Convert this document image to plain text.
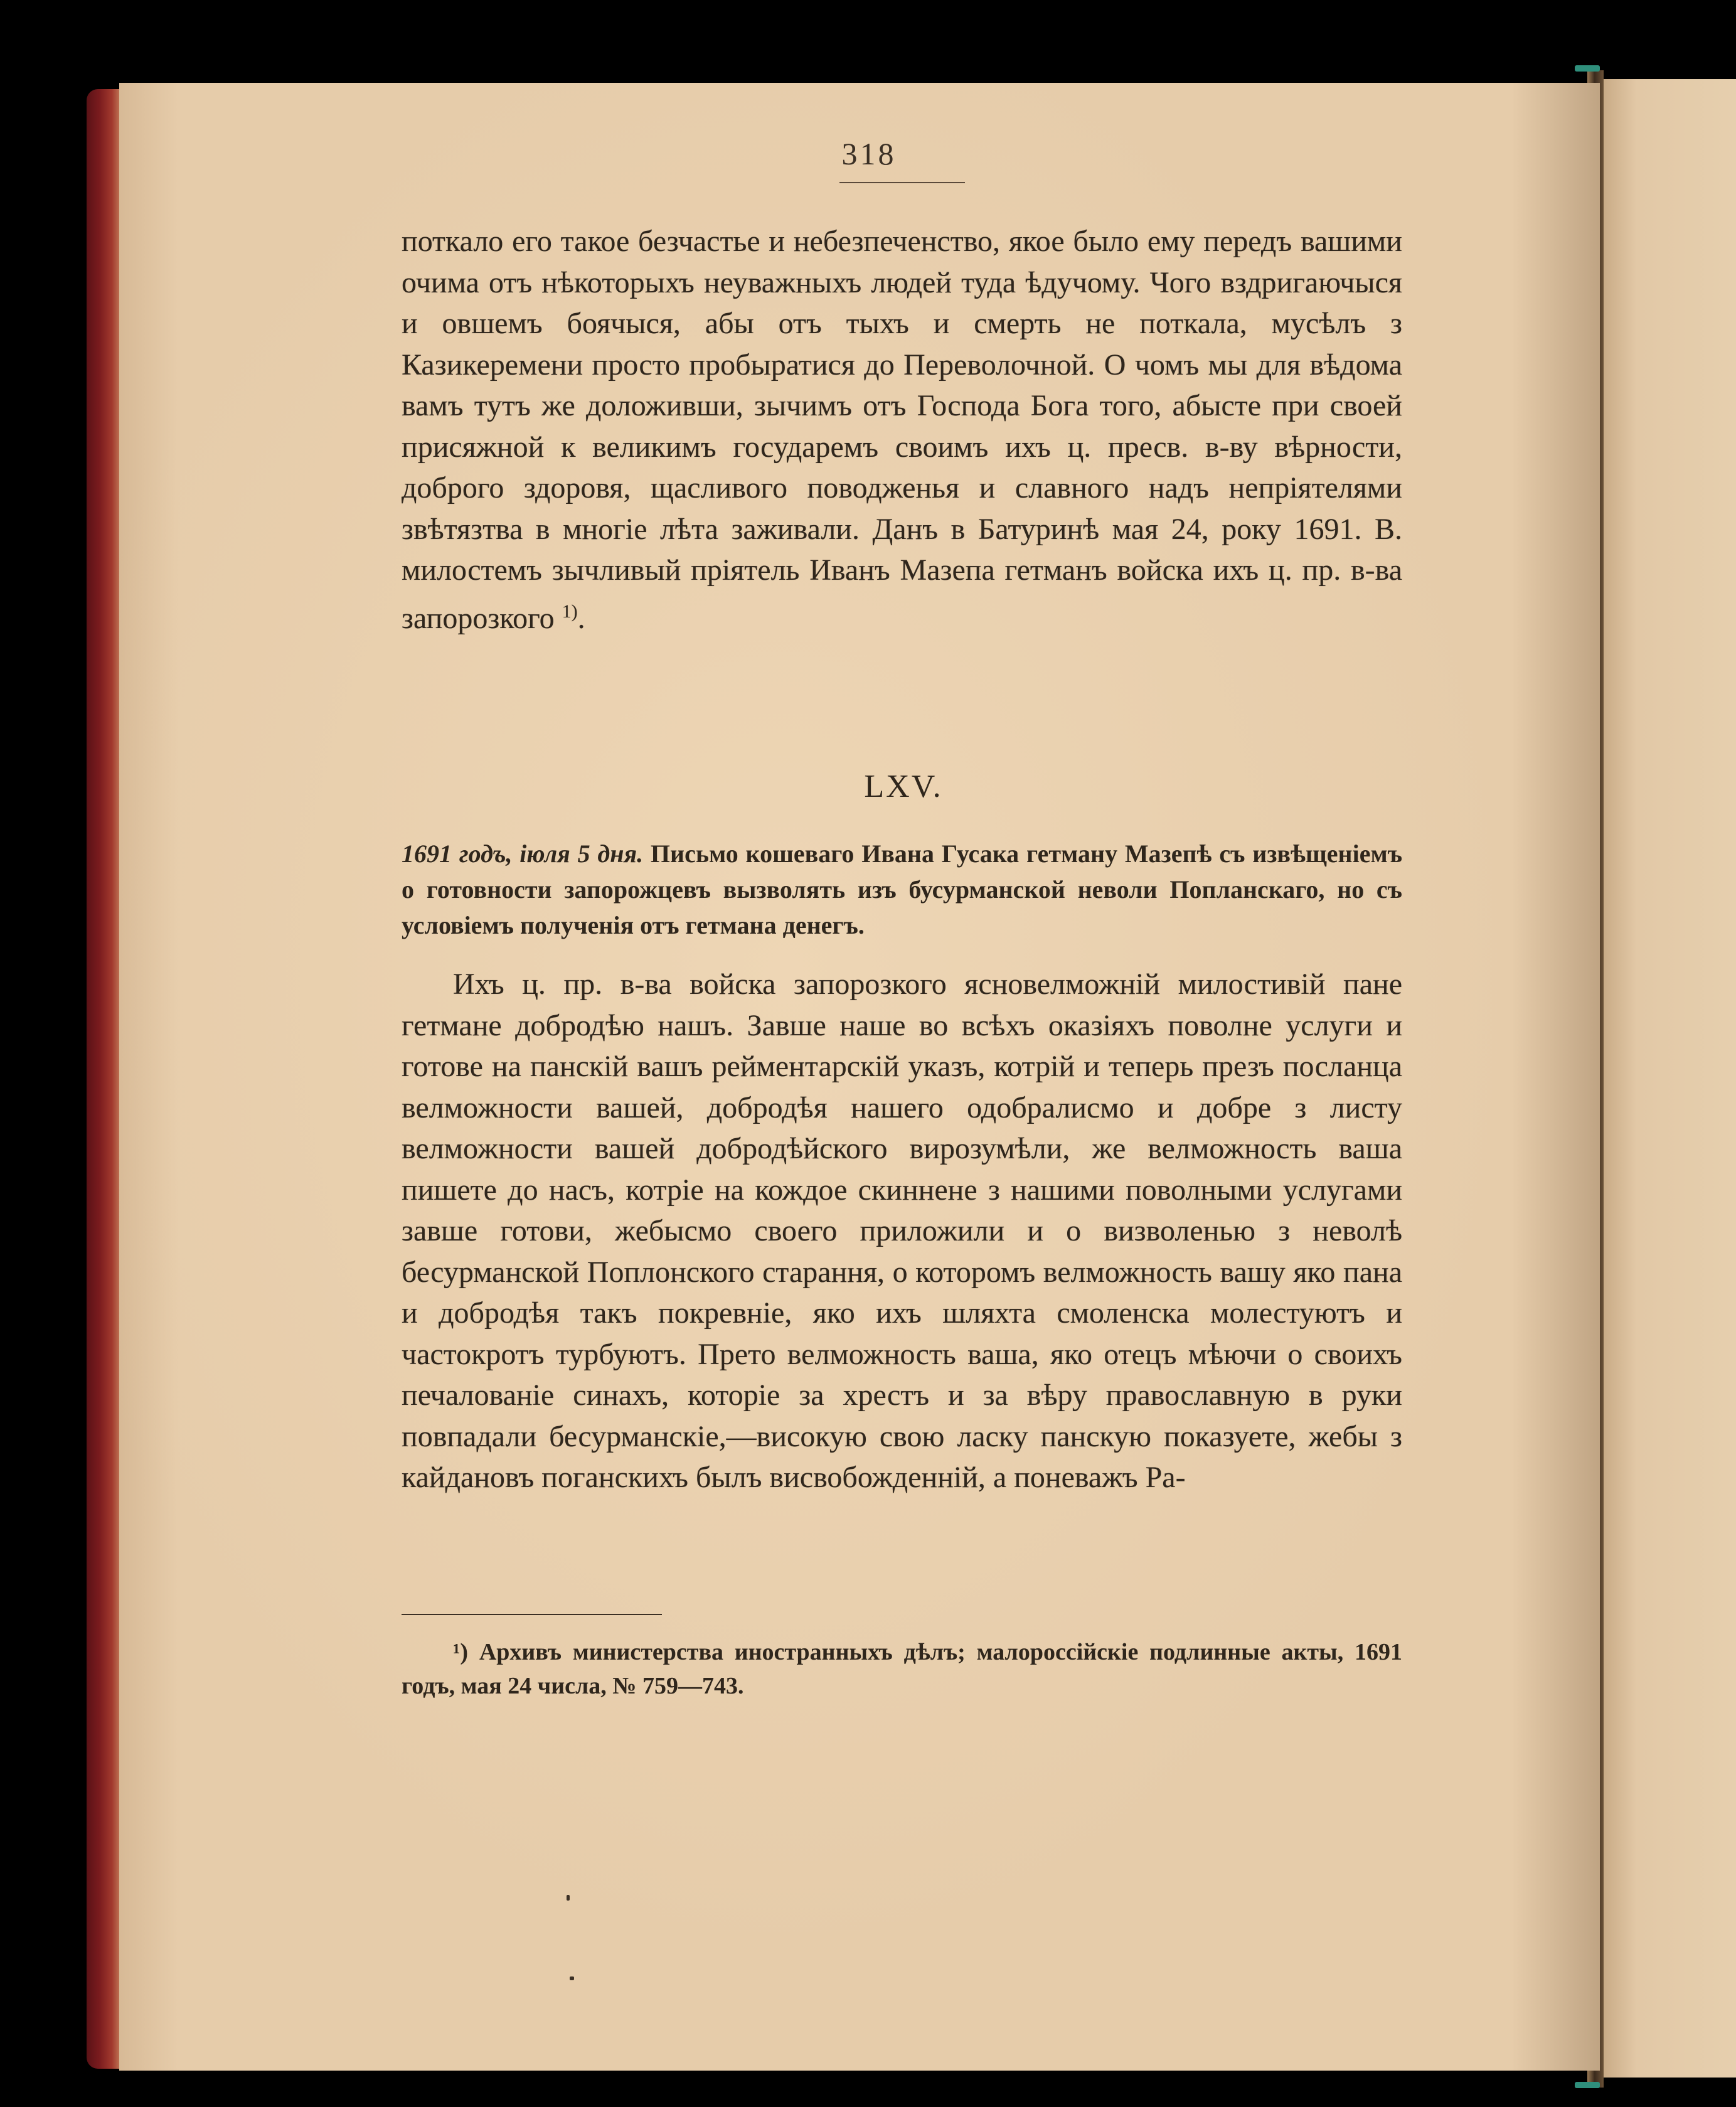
318
поткало его такое безчастье и небезпеченство, якое было ему передъ вашими очима отъ нѣкоторыхъ неуважныхъ людей туда ѣдучому. Чого вздригаючыся и овшемъ боячыся, абы отъ тыхъ и смерть не поткала, мусѣлъ з Казикеремени просто пробыратися до Переволочной. О чомъ мы для вѣдома вамъ тутъ же доложивши, зычимъ отъ Господа Бога того, абысте при своей присяжной к великимъ государемъ своимъ ихъ ц. пресв. в-ву вѣрности, доброго здоровя, щасливого поводженья и славного надъ непріятелями звѣтязтва в многіе лѣта заживали. Данъ в Батуринѣ мая 24, року 1691. В. милостемъ зычливый пріятель Иванъ Мазепа гетманъ войска ихъ ц. пр. в-ва запорозкого $^{1)}$.
LXV.
1691 годъ, іюля 5 дня. Письмо кошеваго Ивана Гусака гетману Мазепѣ съ извѣщеніемъ о готовности запорожцевъ вызволять изъ бусурманской неволи Попланскаго, но съ условіемъ полученія отъ гетмана денегъ.
Ихъ ц. пр. в-ва войска запорозкого ясновелможній милостивій пане гетмане добродѣю нашъ. Завше наше во всѣхъ оказіяхъ поволне услуги и готове на панскій вашъ рейментарскій указъ, котрій и теперь презъ посланца велможности вашей, добродѣя нашего одобралисмо и добре з листу велможности вашей добродѣйского вирозумѣли, же велможность ваша пишете до насъ, котріе на кождое скиннене з нашими поволными услугами завше готови, жебысмо своего приложили и о визволенью з неволѣ бесурманской Поплонского старання, о которомъ велможность вашу яко пана и добродѣя такъ покревніе, яко ихъ шляхта смоленска молестуютъ и частокротъ турбуютъ. Прето велможность ваша, яко отецъ мѣючи о своихъ печалованіе синахъ, которіе за хрестъ и за вѣру православную в руки повпадали бесурманскіе,—високую свою ласку панскую показуете, жебы з кайдановъ поганскихъ былъ висвобожденній, а поневажъ Ра-
¹) Архивъ министерства иностранныхъ дѣлъ; малороссійскіе подлинные акты, 1691 годъ, мая 24 числа, № 759—743.
